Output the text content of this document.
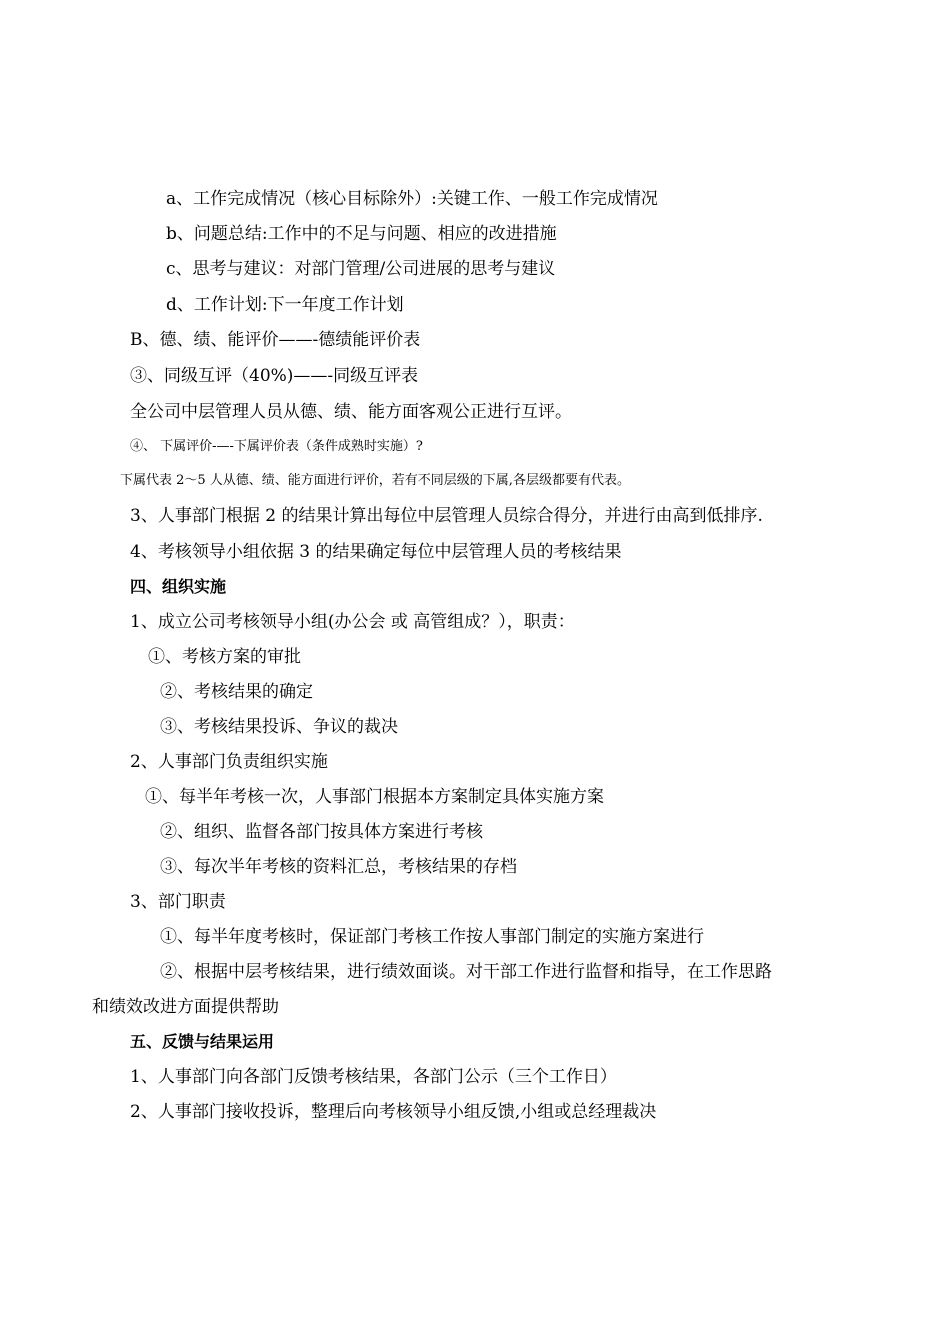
a、工作完成情况（核心目标除外）:关键工作、一般工作完成情况
b、问题总结:工作中的不足与问题、相应的改进措施
c、思考与建议：对部门管理/公司进展的思考与建议
d、工作计划:下一年度工作计划
B、德、绩、能评价——-德绩能评价表
③、同级互评（40%)——-同级互评表
全公司中层管理人员从德、绩、能方面客观公正进行互评。
④、 下属评价-—-下属评价表（条件成熟时实施）?
下属代表 2～5 人从德、绩、能方面进行评价，若有不同层级的下属,各层级都要有代表。
3、人事部门根据 2 的结果计算出每位中层管理人员综合得分，并进行由高到低排序.
4、考核领导小组依据 3 的结果确定每位中层管理人员的考核结果
四、组织实施
1、成立公司考核领导小组(办公会 或 高管组成？），职责：
①、考核方案的审批
②、考核结果的确定
③、考核结果投诉、争议的裁决
2、人事部门负责组织实施
①、每半年考核一次，人事部门根据本方案制定具体实施方案
②、组织、监督各部门按具体方案进行考核
③、每次半年考核的资料汇总，考核结果的存档
3、部门职责
①、每半年度考核时，保证部门考核工作按人事部门制定的实施方案进行
②、根据中层考核结果，进行绩效面谈。对干部工作进行监督和指导，在工作思路
和绩效改进方面提供帮助
五、反馈与结果运用
1、人事部门向各部门反馈考核结果，各部门公示（三个工作日）
2、人事部门接收投诉，整理后向考核领导小组反馈,小组或总经理裁决
